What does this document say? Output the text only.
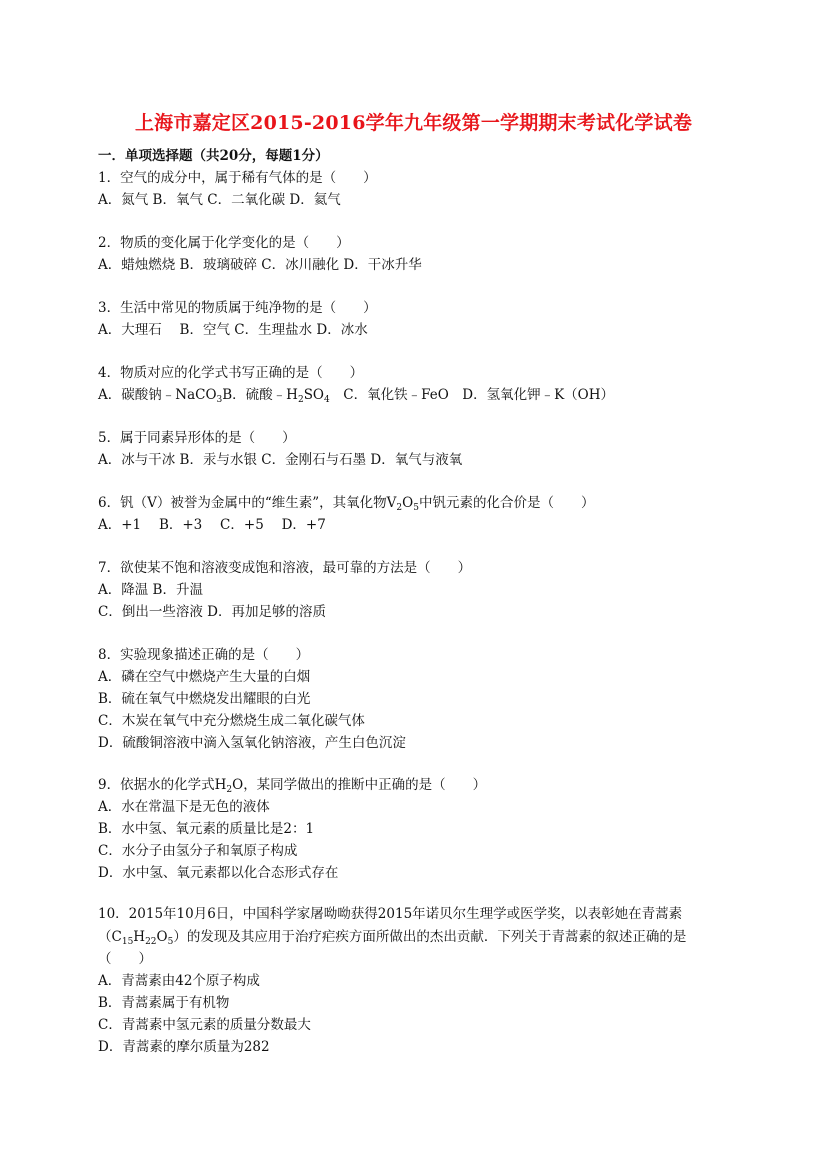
上海市嘉定区2015-2016学年九年级第一学期期末考试化学试卷
一．单项选择题（共20分，每题1分）
1．空气的成分中，属于稀有气体的是（　　）
A．氮气 B．氧气 C．二氧化碳 D．氦气
2．物质的变化属于化学变化的是（　　）
A．蜡烛燃烧 B．玻璃破碎 C．冰川融化 D．干冰升华
3．生活中常见的物质属于纯净物的是（　　）
A．大理石　 B．空气 C．生理盐水 D．冰水
4．物质对应的化学式书写正确的是（　　）
A．碳酸钠﹣NaCO$_3$B．硫酸$﹣H_2SO_4$　C．氧化铁﹣FeO　D．氢氧化钾﹣K（OH）
5．属于同素异形体的是（　　）
A．冰与干冰 B．汞与水银 C．金刚石与石墨 D．氧气与液氧
6．钒（V）被誉为金属中的“维生素”，其氧化物$V_2O_5$中钒元素的化合价是（　　）
A．+1　 B．+3　 C．+5　 D．+7
7．欲使某不饱和溶液变成饱和溶液，最可靠的方法是（　　）
A．降温 B．升温
C．倒出一些溶液 D．再加足够的溶质
8．实验现象描述正确的是（　　）
A．磷在空气中燃烧产生大量的白烟
B．硫在氧气中燃烧发出耀眼的白光
C．木炭在氧气中充分燃烧生成二氧化碳气体
D．硫酸铜溶液中滴入氢氧化钠溶液，产生白色沉淀
9．依据水的化学式$H_2O$，某同学做出的推断中正确的是（　　）
A．水在常温下是无色的液体
B．水中氢、氧元素的质量比是2：1
C．水分子由氢分子和氧原子构成
D．水中氢、氧元素都以化合态形式存在
10．2015年10月6日，中国科学家屠呦呦获得2015年诺贝尔生理学或医学奖，以表彰她在青蒿素
$(C_{15}H_{22}O_5)$的发现及其应用于治疗疟疾方面所做出的杰出贡献．下列关于青蒿素的叙述正确的是
（　　）
A．青蒿素由42个原子构成
B．青蒿素属于有机物
C．青蒿素中氢元素的质量分数最大
D．青蒿素的摩尔质量为282
